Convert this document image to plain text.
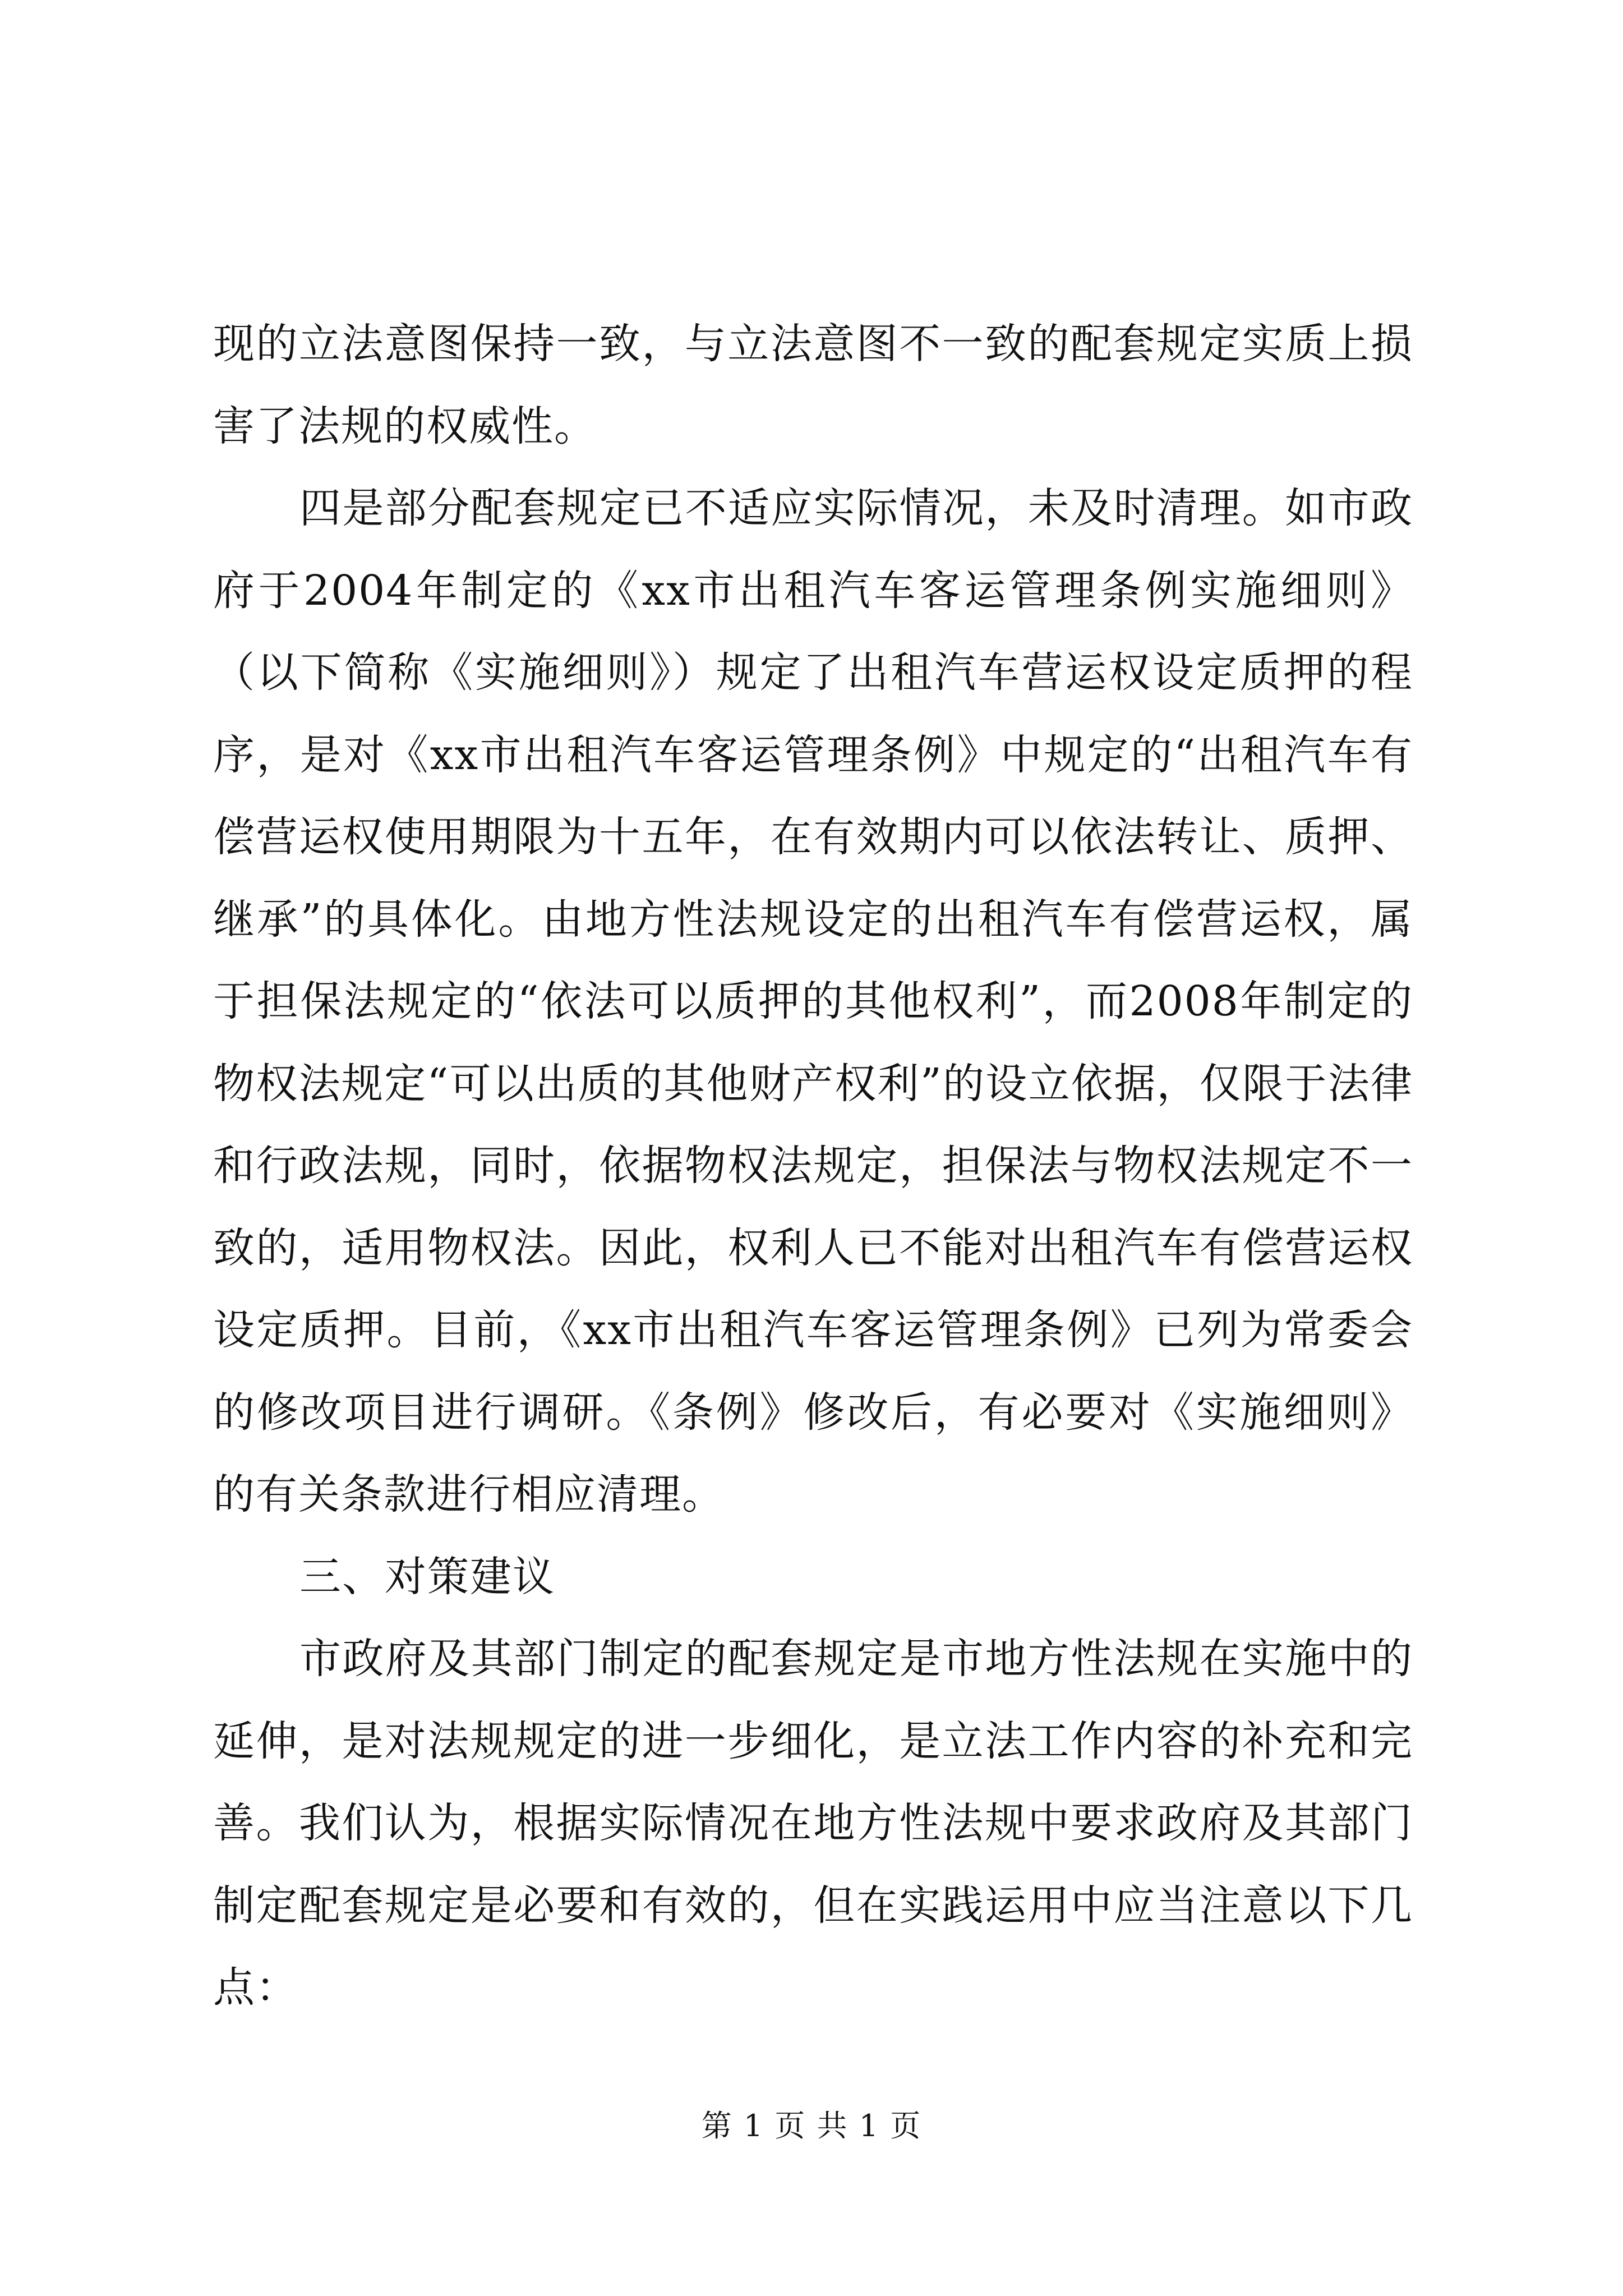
现的立法意图保持一致，与立法意图不一致的配套规定实质上损害了法规的权威性。

四是部分配套规定已不适应实际情况，未及时清理。如市政府于2004年制定的《xx市出租汽车客运管理条例实施细则》（以下简称《实施细则》）规定了出租汽车营运权设定质押的程序，是对《xx市出租汽车客运管理条例》中规定的“出租汽车有偿营运权使用期限为十五年，在有效期内可以依法转让、质押、继承”的具体化。由地方性法规设定的出租汽车有偿营运权，属于担保法规定的“依法可以质押的其他权利”，而2008年制定的物权法规定“可以出质的其他财产权利”的设立依据，仅限于法律和行政法规，同时，依据物权法规定，担保法与物权法规定不一致的，适用物权法。因此，权利人已不能对出租汽车有偿营运权设定质押。目前，《xx市出租汽车客运管理条例》已列为常委会的修改项目进行调研。《条例》修改后，有必要对《实施细则》的有关条款进行相应清理。

三、对策建议

市政府及其部门制定的配套规定是市地方性法规在实施中的延伸，是对法规规定的进一步细化，是立法工作内容的补充和完善。我们认为，根据实际情况在地方性法规中要求政府及其部门制定配套规定是必要和有效的，但在实践运用中应当注意以下几点：

第 1 页 共 1 页
